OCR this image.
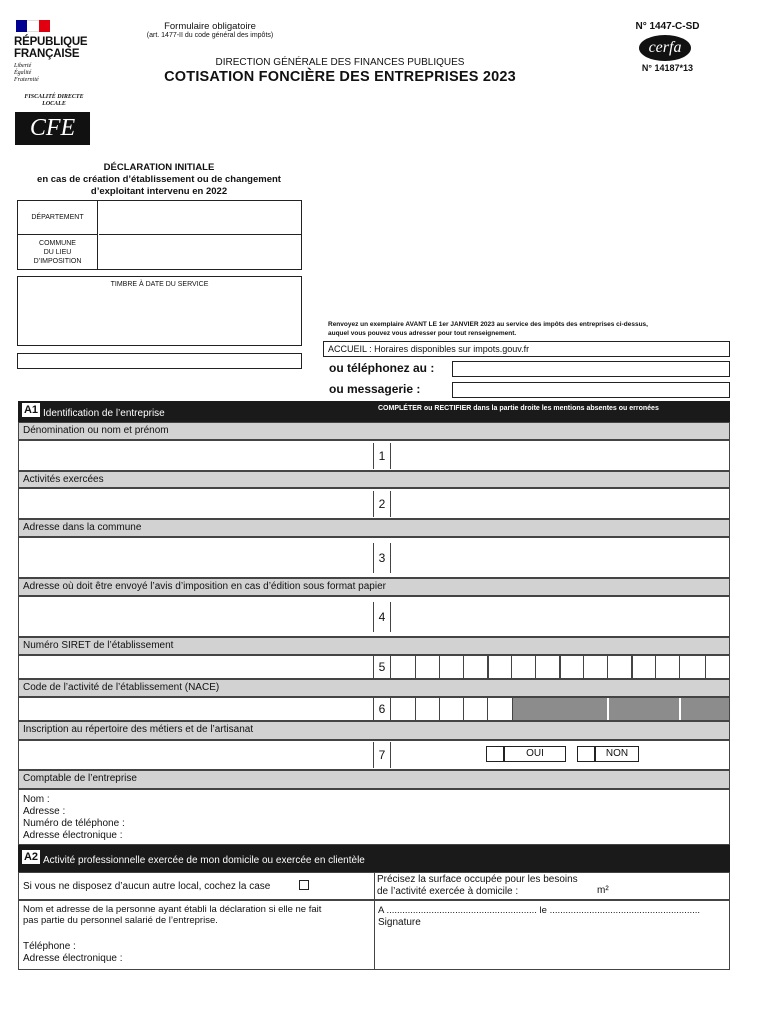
RÉPUBLIQUE
FRANÇAISE
Liberté
Égalité
Fraternité
FISCALITÉ DIRECTE
LOCALE
CFE
Formulaire obligatoire
(art. 1477-II du code général des impôts)
DIRECTION GÉNÉRALE DES FINANCES PUBLIQUES
COTISATION FONCIÈRE DES ENTREPRISES 2023
N° 1447-C-SD
cerfa
N° 14187*13
DÉCLARATION INITIALE
en cas de création d’établissement ou de changement
d’exploitant intervenu en 2022
DÉPARTEMENT
COMMUNE
DU LIEU
D’IMPOSITION
TIMBRE À DATE DU SERVICE
Renvoyez un exemplaire AVANT LE 1er JANVIER 2023 au service des impôts des entreprises ci-dessus,
auquel vous pouvez vous adresser pour tout renseignement.
ACCUEIL : Horaires disponibles sur impots.gouv.fr
ou téléphonez au :
ou messagerie :
A1 Identification de l’entreprise	COMPLÉTER ou RECTIFIER dans la partie droite les mentions absentes ou erronées
Dénomination ou nom et prénom
1
Activités exercées
2
Adresse dans la commune
3
Adresse où doit être envoyé l’avis d’imposition en cas d’édition sous format papier
4
Numéro SIRET de l’établissement
5
Code de l’activité de l’établissement (NACE)
6
Inscription au répertoire des métiers et de l’artisanat
7	OUI	NON
Comptable de l’entreprise
Nom :
Adresse :
Numéro de téléphone :
Adresse électronique :
A2 Activité professionnelle exercée de mon domicile ou exercée en clientèle
Si vous ne disposez d’aucun autre local, cochez la case
Précisez la surface occupée pour les besoins
de l’activité exercée à domicile :	m²
Nom et adresse de la personne ayant établi la déclaration si elle ne fait
pas partie du personnel salarié de l’entreprise.
Téléphone :
Adresse électronique :
A ......................................................... le .........................................................
Signature
